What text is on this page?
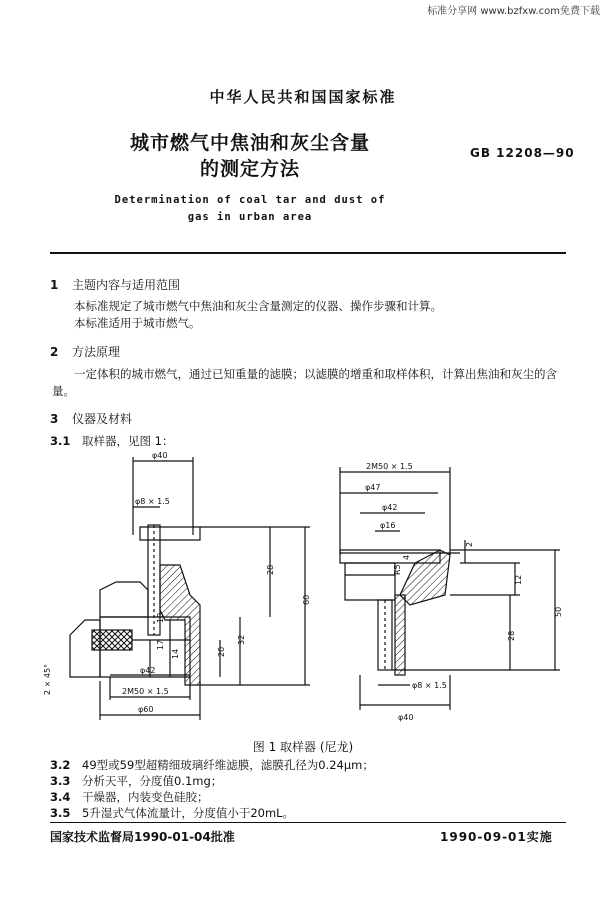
标准分享网 www.bzfxw.com免费下载
中华人民共和国国家标准
城市燃气中焦油和灰尘含量
的测定方法
GB 12208—90
Determination of coal tar and dust of
gas in urban area
1 主题内容与适用范围
本标准规定了城市燃气中焦油和灰尘含量测定的仪器、操作步骤和计算。
本标准适用于城市燃气。
2 方法原理
一定体积的城市燃气，通过已知重量的滤膜；以滤膜的增重和取样体积，计算出焦油和灰尘的含
量。
3 仪器及材料
3.1 取样器，见图 1：
φ40
φ8 × 1.5
28
60
32
10
20
17
14
2 × 45°	φ42
2M50 × 1.5
φ60
2M50 × 1.5
φ47
φ42
φ16
R5
4
2
12
50
28
φ8 × 1.5
φ40
图 1 取样器 (尼龙)
3.2 49型或59型超精细玻璃纤维滤膜，滤膜孔径为0.24μm；
3.3 分析天平，分度值0.1mg；
3.4 干燥器，内装变色硅胶；
3.5 5升湿式气体流量计，分度值小于20mL。
国家技术监督局1990-01-04批准	1990-09-01实施
